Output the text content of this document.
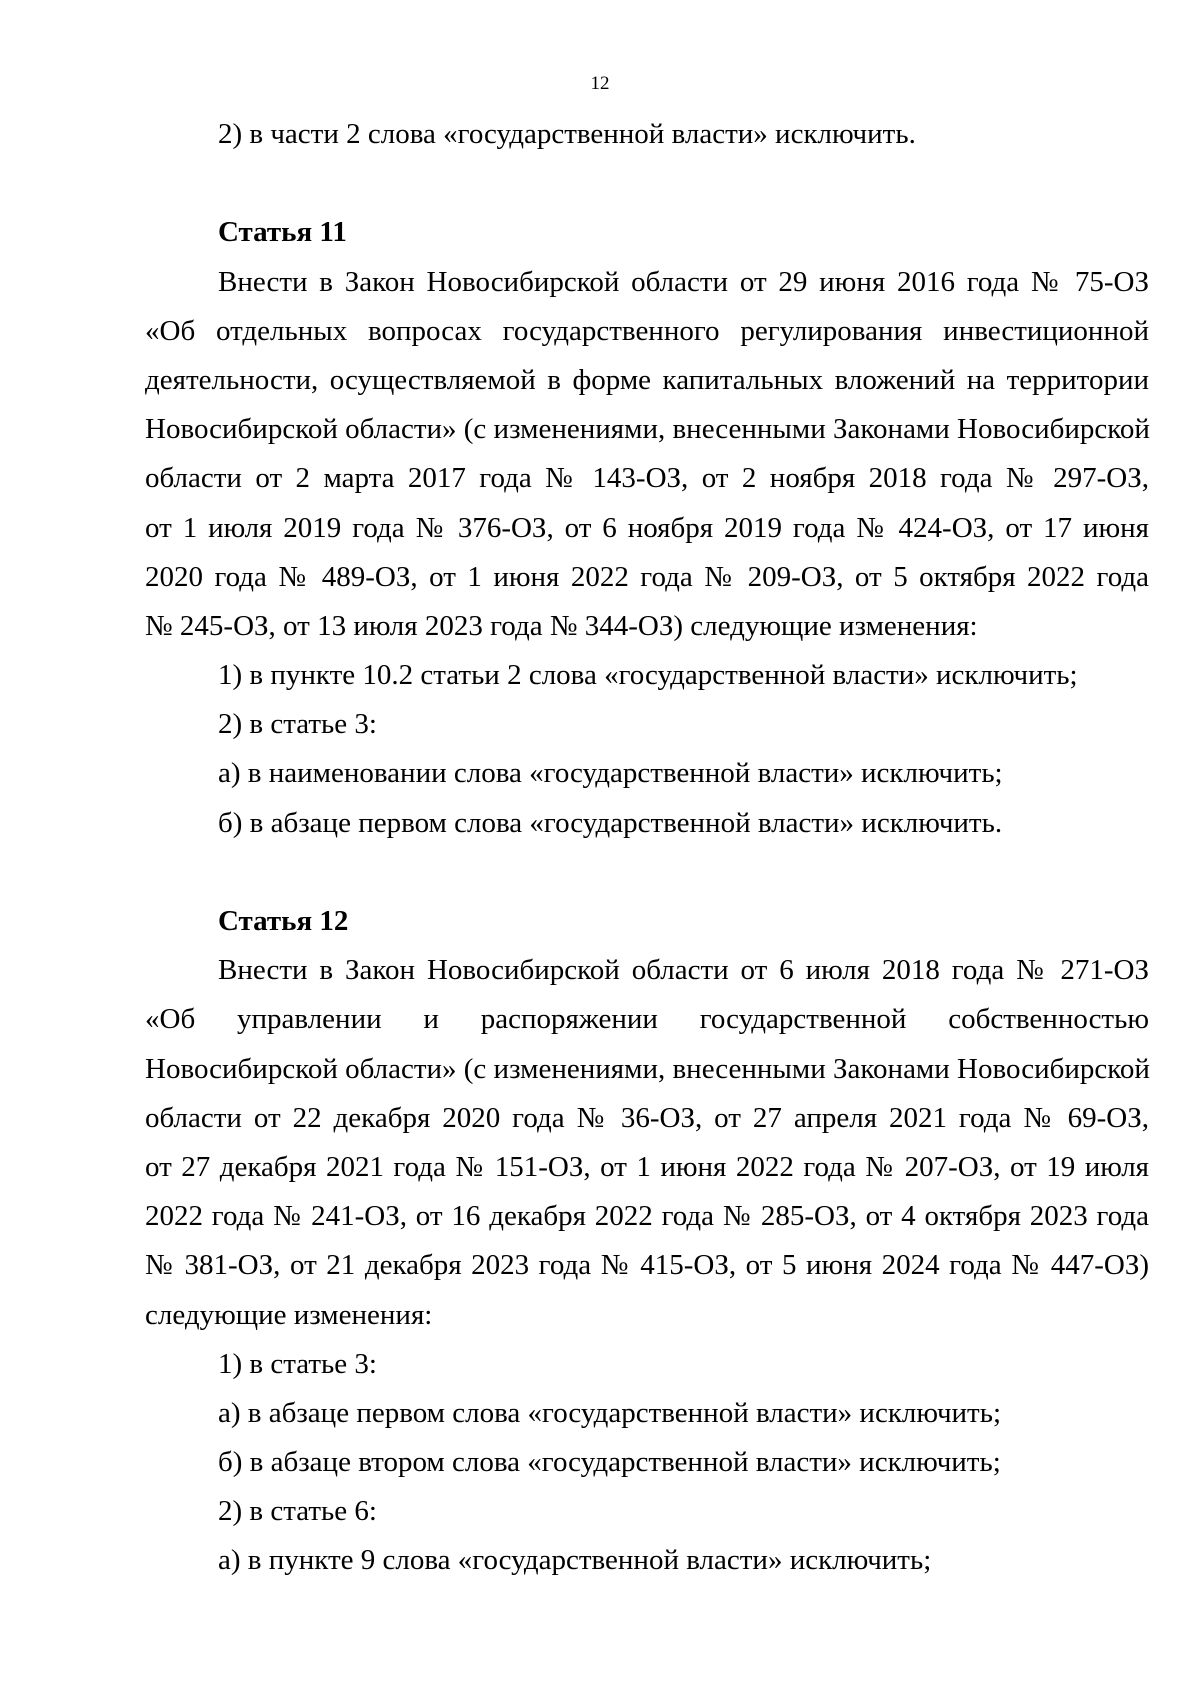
12
2) в части 2 слова «государственной власти» исключить.
Статья 11
Внести в Закон Новосибирской области от 29 июня 2016 года № 75-ОЗ
«Об отдельных вопросах государственного регулирования инвестиционной
деятельности, осуществляемой в форме капитальных вложений на территории
Новосибирской области» (с изменениями, внесенными Законами Новосибирской
области от 2 марта 2017 года № 143-ОЗ, от 2 ноября 2018 года № 297-ОЗ,
от 1 июля 2019 года № 376-ОЗ, от 6 ноября 2019 года № 424-ОЗ, от 17 июня
2020 года № 489-ОЗ, от 1 июня 2022 года № 209-ОЗ, от 5 октября 2022 года
№ 245-ОЗ, от 13 июля 2023 года № 344-ОЗ) следующие изменения:
1) в пункте 10.2 статьи 2 слова «государственной власти» исключить;
2) в статье 3:
а) в наименовании слова «государственной власти» исключить;
б) в абзаце первом слова «государственной власти» исключить.
Статья 12
Внести в Закон Новосибирской области от 6 июля 2018 года № 271-ОЗ
«Об управлении и распоряжении государственной собственностью
Новосибирской области» (с изменениями, внесенными Законами Новосибирской
области от 22 декабря 2020 года № 36-ОЗ, от 27 апреля 2021 года № 69-ОЗ,
от 27 декабря 2021 года № 151-ОЗ, от 1 июня 2022 года № 207-ОЗ, от 19 июля
2022 года № 241-ОЗ, от 16 декабря 2022 года № 285-ОЗ, от 4 октября 2023 года
№ 381-ОЗ, от 21 декабря 2023 года № 415-ОЗ, от 5 июня 2024 года № 447-ОЗ)
следующие изменения:
1) в статье 3:
а) в абзаце первом слова «государственной власти» исключить;
б) в абзаце втором слова «государственной власти» исключить;
2) в статье 6:
а) в пункте 9 слова «государственной власти» исключить;
